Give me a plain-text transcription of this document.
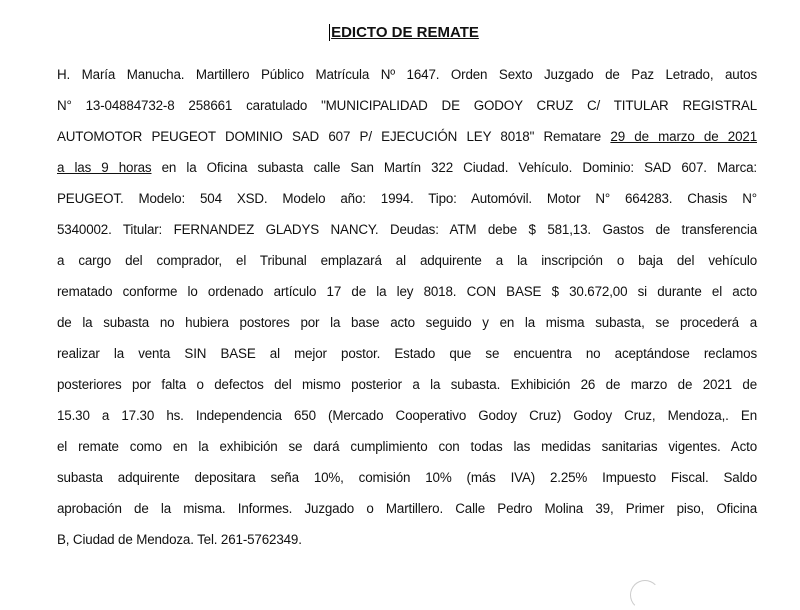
EDICTO DE REMATE
H. María Manucha. Martillero Público Matrícula Nº 1647. Orden Sexto Juzgado de Paz Letrado, autos
N° 13-04884732-8 258661 caratulado "MUNICIPALIDAD DE GODOY CRUZ C/ TITULAR REGISTRAL
AUTOMOTOR PEUGEOT DOMINIO SAD 607 P/ EJECUCIÓN LEY 8018" Rematare 29 de marzo de 2021
a las 9 horas en la Oficina subasta calle San Martín 322 Ciudad. Vehículo. Dominio: SAD 607. Marca:
PEUGEOT. Modelo: 504 XSD. Modelo año: 1994. Tipo: Automóvil. Motor N° 664283. Chasis N°
5340002. Titular: FERNANDEZ GLADYS NANCY. Deudas: ATM debe $ 581,13. Gastos de transferencia
a cargo del comprador, el Tribunal emplazará al adquirente a la inscripción o baja del vehículo
rematado conforme lo ordenado artículo 17 de la ley 8018. CON BASE $ 30.672,00 si durante el acto
de la subasta no hubiera postores por la base acto seguido y en la misma subasta, se procederá a
realizar la venta SIN BASE al mejor postor. Estado que se encuentra no aceptándose reclamos
posteriores por falta o defectos del mismo posterior a la subasta. Exhibición 26 de marzo de 2021 de
15.30 a 17.30 hs. Independencia 650 (Mercado Cooperativo Godoy Cruz) Godoy Cruz, Mendoza,. En
el remate como en la exhibición se dará cumplimiento con todas las medidas sanitarias vigentes. Acto
subasta adquirente depositara seña 10%, comisión 10% (más IVA) 2.25% Impuesto Fiscal. Saldo
aprobación de la misma. Informes. Juzgado o Martillero. Calle Pedro Molina 39, Primer piso, Oficina
B, Ciudad de Mendoza. Tel. 261-5762349.
